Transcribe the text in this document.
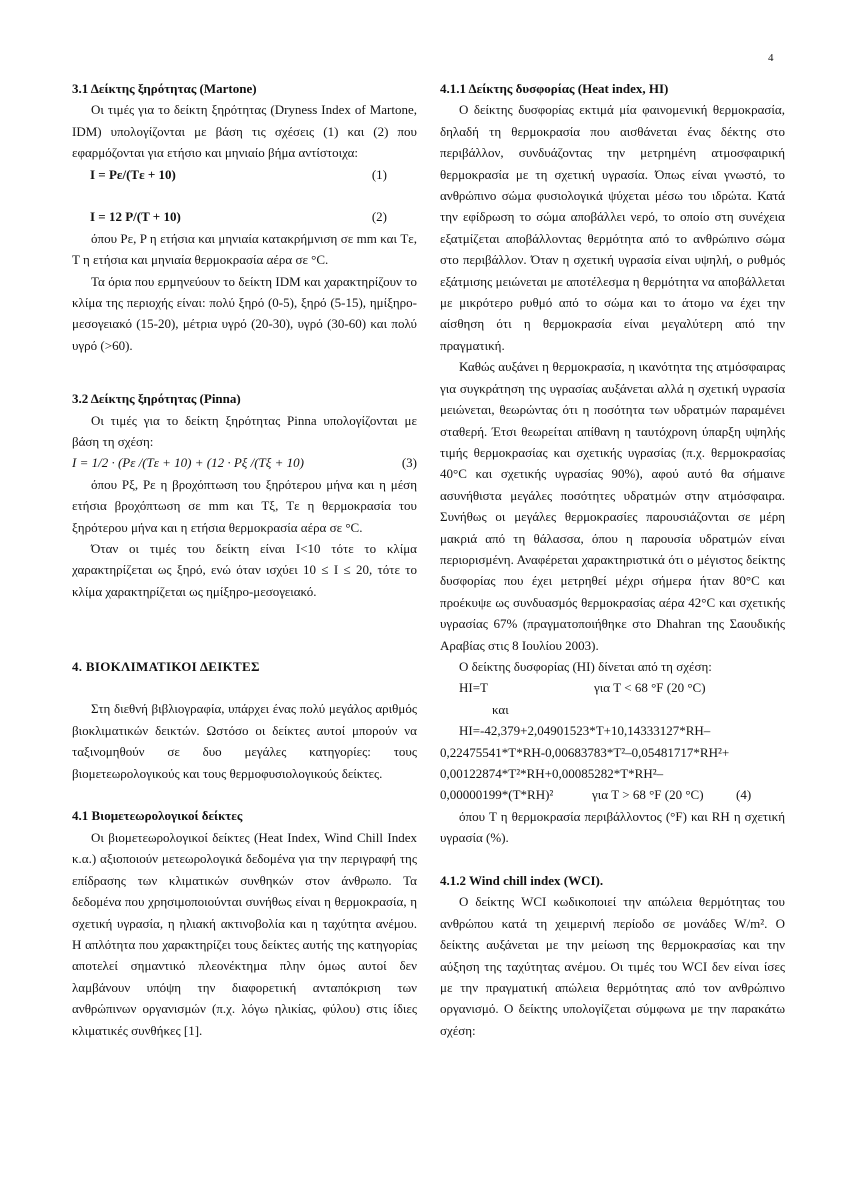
4
3.1 Δείκτης ξηρότητας (Martone)

Οι τιμές για το δείκτη ξηρότητας (Dryness Index of Martone, IDM) υπολογίζονται με βάση τις σχέσεις (1) και (2) που εφαρμόζονται για ετήσιο και μηνιαίο βήμα αντίστοιχα:

I = Pε/(Tε + 10)	(1)
I = 12 P/(T + 10)	(2)

όπου Pε, P η ετήσια και μηνιαία κατακρήμνιση σε mm και Tε, T η ετήσια και μηνιαία θερμοκρασία αέρα σε °C.

Τα όρια που ερμηνεύουν το δείκτη IDM και χαρακτηρίζουν το κλίμα της περιοχής είναι: πολύ ξηρό (0-5), ξηρό (5-15), ημίξηρο-μεσογειακό (15-20), μέτρια υγρό (20-30), υγρό (30-60) και πολύ υγρό (>60).

3.2 Δείκτης ξηρότητας (Pinna)

Οι τιμές για το δείκτη ξηρότητας Pinna υπολογίζονται με βάση τη σχέση:

I = 1/2 · (Pε /(Tε + 10) + (12 · Pξ /(Tξ + 10)	(3)

όπου Pξ, Pε η βροχόπτωση του ξηρότερου μήνα και η μέση ετήσια βροχόπτωση σε mm και Tξ, Tε η θερμοκρασία του ξηρότερου μήνα και η ετήσια θερμοκρασία αέρα σε °C.

Όταν οι τιμές του δείκτη είναι I<10 τότε το κλίμα χαρακτηρίζεται ως ξηρό, ενώ όταν ισχύει 10 ≤ I ≤ 20, τότε το κλίμα χαρακτηρίζεται ως ημίξηρο-μεσογειακό.

4. ΒΙΟΚΛΙΜΑΤΙΚΟΙ ΔΕΙΚΤΕΣ

Στη διεθνή βιβλιογραφία, υπάρχει ένας πολύ μεγάλος αριθμός βιοκλιματικών δεικτών. Ωστόσο οι δείκτες αυτοί μπορούν να ταξινομηθούν σε δυο μεγάλες κατηγορίες: τους βιομετεωρολογικούς και τους θερμοφυσιολογικούς δείκτες.

4.1 Βιομετεωρολογικοί δείκτες

Οι βιομετεωρολογικοί δείκτες (Heat Index, Wind Chill Index κ.α.) αξιοποιούν μετεωρολογικά δεδομένα για την περιγραφή της επίδρασης των κλιματικών συνθηκών στον άνθρωπο. Τα δεδομένα που χρησιμοποιούνται συνήθως είναι η θερμοκρασία, η σχετική υγρασία, η ηλιακή ακτινοβολία και η ταχύτητα ανέμου. Η απλότητα που χαρακτηρίζει τους δείκτες αυτής της κατηγορίας αποτελεί σημαντικό πλεονέκτημα πλην όμως αυτοί δεν λαμβάνουν υπόψη την διαφορετική ανταπόκριση των ανθρώπινων οργανισμών (π.χ. λόγω ηλικίας, φύλου) στις ίδιες κλιματικές συνθήκες [1].

4.1.1 Δείκτης δυσφορίας (Heat index, HI)

Ο δείκτης δυσφορίας εκτιμά μία φαινομενική θερμοκρασία, δηλαδή τη θερμοκρασία που αισθάνεται ένας δέκτης στο περιβάλλον, συνδυάζοντας την μετρημένη ατμοσφαιρική θερμοκρασία με τη σχετική υγρασία. Όπως είναι γνωστό, το ανθρώπινο σώμα φυσιολογικά ψύχεται μέσω του ιδρώτα. Κατά την εφίδρωση το σώμα αποβάλλει νερό, το οποίο στη συνέχεια εξατμίζεται αποβάλλοντας θερμότητα από το ανθρώπινο σώμα στο περιβάλλον. Όταν η σχετική υγρασία είναι υψηλή, ο ρυθμός εξάτμισης μειώνεται με αποτέλεσμα η θερμότητα να αποβάλλεται με μικρότερο ρυθμό από το σώμα και το άτομο να έχει την αίσθηση ότι η θερμοκρασία είναι μεγαλύτερη από την πραγματική.

Καθώς αυξάνει η θερμοκρασία, η ικανότητα της ατμόσφαιρας για συγκράτηση της υγρασίας αυξάνεται αλλά η σχετική υγρασία μειώνεται, θεωρώντας ότι η ποσότητα των υδρατμών παραμένει σταθερή. Έτσι θεωρείται απίθανη η ταυτόχρονη ύπαρξη υψηλής τιμής θερμοκρασίας και σχετικής υγρασίας (π.χ. θερμοκρασίας 40°C και σχετικής υγρασίας 90%), αφού αυτό θα σήμαινε ασυνήθιστα μεγάλες ποσότητες υδρατμών στην ατμόσφαιρα. Συνήθως οι μεγάλες θερμοκρασίες παρουσιάζονται σε μέρη μακριά από τη θάλασσα, όπου η παρουσία υδρατμών είναι περιορισμένη. Αναφέρεται χαρακτηριστικά ότι ο μέγιστος δείκτης δυσφορίας που έχει μετρηθεί μέχρι σήμερα ήταν 80°C και προέκυψε ως συνδυασμός θερμοκρασίας αέρα 42°C και σχετικής υγρασίας 67% (πραγματοποιήθηκε στο Dhahran της Σαουδικής Αραβίας στις 8 Ιουλίου 2003).

Ο δείκτης δυσφορίας (HI) δίνεται από τη σχέση:

HI=T	για T < 68 °F (20 °C)
και
HI=-42,379+2,04901523*T+10,14333127*RH–
0,22475541*T*RH-0,00683783*T²–0,05481717*RH²+
0,00122874*T²*RH+0,00085282*T*RH²–
0,00000199*(T*RH)²	για T > 68 °F (20 °C) (4)

όπου T η θερμοκρασία περιβάλλοντος (°F) και RH η σχετική υγρασία (%).

4.1.2 Wind chill index (WCI).

Ο δείκτης WCI κωδικοποιεί την απώλεια θερμότητας του ανθρώπου κατά τη χειμερινή περίοδο σε μονάδες W/m². Ο δείκτης αυξάνεται με την μείωση της θερμοκρασίας και την αύξηση της ταχύτητας ανέμου. Οι τιμές του WCI δεν είναι ίσες με την πραγματική απώλεια θερμότητας από τον ανθρώπινο οργανισμό. Ο δείκτης υπολογίζεται σύμφωνα με την παρακάτω σχέση:
